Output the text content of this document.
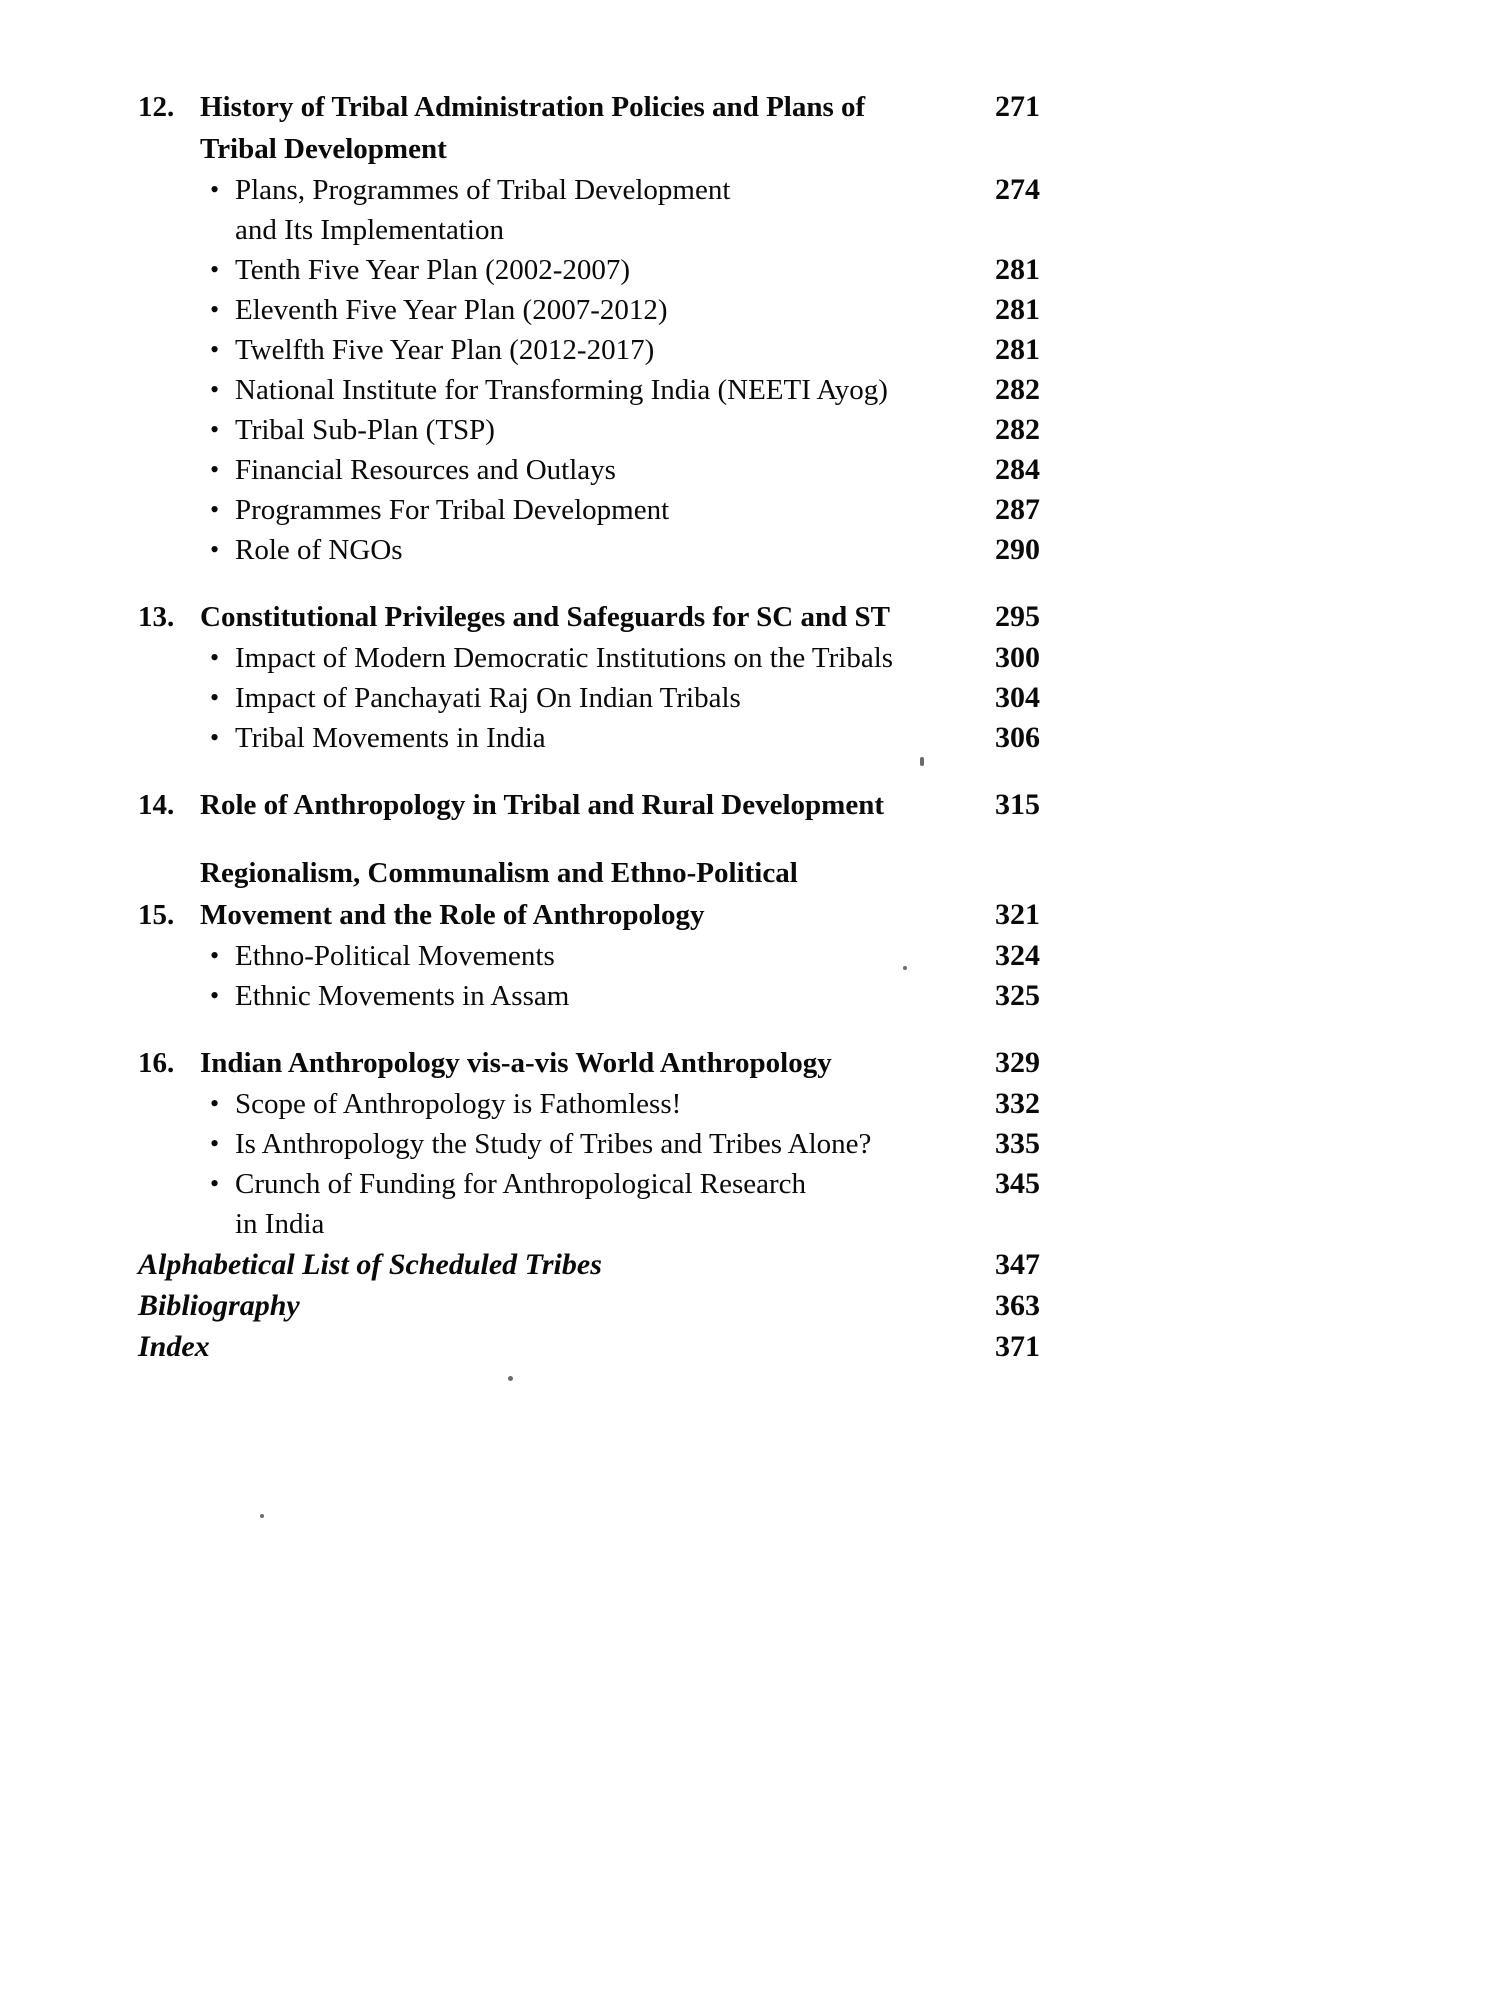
12. History of Tribal Administration Policies and Plans of
Tribal Development
271
• Plans, Programmes of Tribal Development
and Its Implementation
274
• Tenth Five Year Plan (2002-2007)	281
• Eleventh Five Year Plan (2007-2012)	281
• Twelfth Five Year Plan (2012-2017)	281
• National Institute for Transforming India (NEETI Ayog)	282
• Tribal Sub-Plan (TSP)	282
• Financial Resources and Outlays	284
• Programmes For Tribal Development	287
• Role of NGOs	290
13. Constitutional Privileges and Safeguards for SC and ST	295
• Impact of Modern Democratic Institutions on the Tribals	300
• Impact of Panchayati Raj On Indian Tribals	304
• Tribal Movements in India	306
14. Role of Anthropology in Tribal and Rural Development	315
15.
Regionalism, Communalism and Ethno-Political
Movement and the Role of Anthropology	321
• Ethno-Political Movements	324
• Ethnic Movements in Assam	325
16. Indian Anthropology vis-a-vis World Anthropology	329
• Scope of Anthropology is Fathomless!	332
• Is Anthropology the Study of Tribes and Tribes Alone?	335
• Crunch of Funding for Anthropological Research
in India
345
Alphabetical List of Scheduled Tribes	347
Bibliography	363
Index	371
